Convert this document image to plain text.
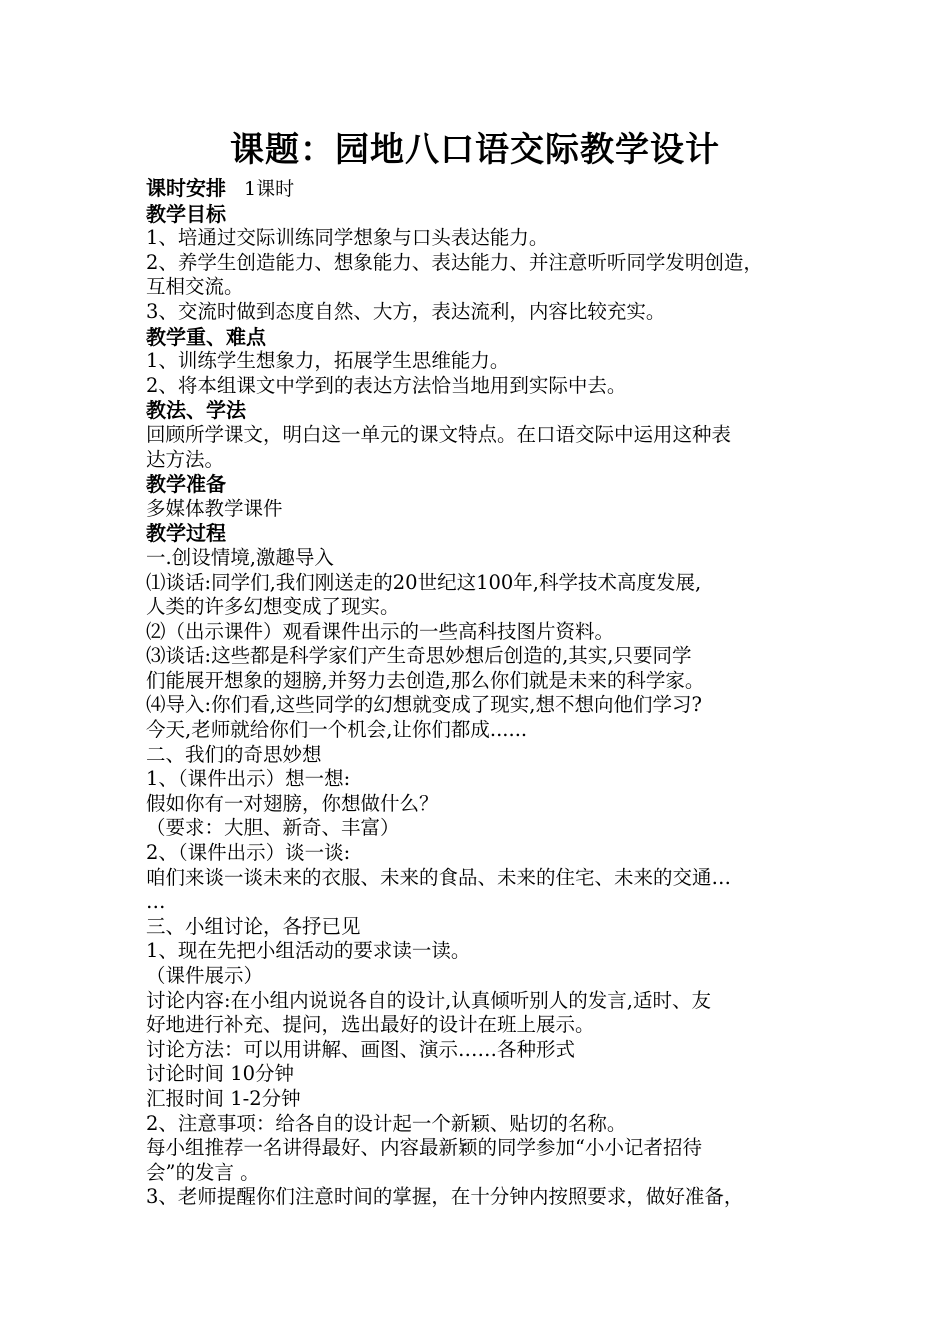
课题：园地八口语交际教学设计
课时安排 1课时
教学目标
1、培通过交际训练同学想象与口头表达能力。
2、养学生创造能力、想象能力、表达能力、并注意听听同学发明创造，
互相交流。
3、交流时做到态度自然、大方，表达流利，内容比较充实。
教学重、难点
1、训练学生想象力，拓展学生思维能力。
2、将本组课文中学到的表达方法恰当地用到实际中去。
教法、学法
回顾所学课文，明白这一单元的课文特点。在口语交际中运用这种表
达方法。
教学准备
多媒体教学课件
教学过程
一.创设情境,激趣导入
⑴谈话:同学们,我们刚送走的20世纪这100年,科学技术高度发展,
人类的许多幻想变成了现实。
⑵（出示课件）观看课件出示的一些高科技图片资料。
⑶谈话:这些都是科学家们产生奇思妙想后创造的,其实,只要同学
们能展开想象的翅膀,并努力去创造,那么你们就是未来的科学家。
⑷导入:你们看,这些同学的幻想就变成了现实,想不想向他们学习?
今天,老师就给你们一个机会,让你们都成......
二、我们的奇思妙想
1、（课件出示）想一想:
假如你有一对翅膀，你想做什么？
（要求：大胆、新奇、丰富）
2、（课件出示）谈一谈:
咱们来谈一谈未来的衣服、未来的食品、未来的住宅、未来的交通…
…
三、小组讨论，各抒已见
1、现在先把小组活动的要求读一读。
（课件展示）
讨论内容:在小组内说说各自的设计,认真倾听别人的发言,适时、友
好地进行补充、提问，选出最好的设计在班上展示。
讨论方法：可以用讲解、画图、演示……各种形式
讨论时间 10分钟
汇报时间 1-2分钟
2、注意事项：给各自的设计起一个新颖、贴切的名称。
每小组推荐一名讲得最好、内容最新颖的同学参加“小小记者招待
会”的发言 。
3、老师提醒你们注意时间的掌握，在十分钟内按照要求，做好准备，
